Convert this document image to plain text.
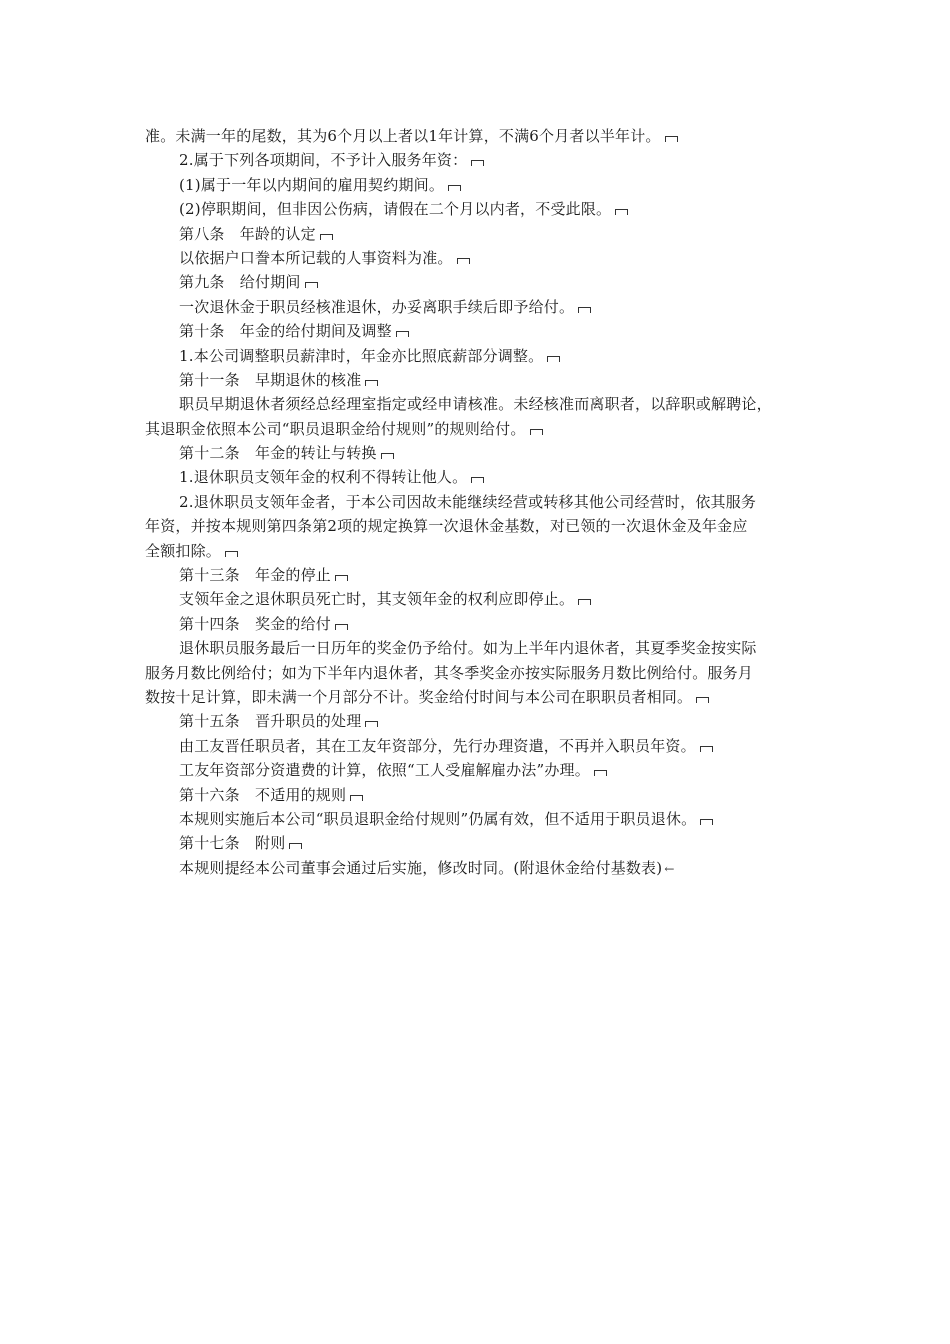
准。未满一年的尾数，其为6个月以上者以1年计算，不满6个月者以半年计。
2.属于下列各项期间，不予计入服务年资：
(1)属于一年以内期间的雇用契约期间。
(2)停职期间，但非因公伤病，请假在二个月以内者，不受此限。
第八条　年龄的认定
以依据户口誊本所记载的人事资料为准。
第九条　给付期间
一次退休金于职员经核准退休，办妥离职手续后即予给付。
第十条　年金的给付期间及调整
1.本公司调整职员薪津时，年金亦比照底薪部分调整。
第十一条　早期退休的核准
职员早期退休者须经总经理室指定或经申请核准。未经核准而离职者，以辞职或解聘论，
其退职金依照本公司“职员退职金给付规则”的规则给付。
第十二条　年金的转让与转换
1.退休职员支领年金的权利不得转让他人。
2.退休职员支领年金者，于本公司因故未能继续经营或转移其他公司经营时，依其服务
年资，并按本规则第四条第2项的规定换算一次退休金基数，对已领的一次退休金及年金应
全额扣除。
第十三条　年金的停止
支领年金之退休职员死亡时，其支领年金的权利应即停止。
第十四条　奖金的给付
退休职员服务最后一日历年的奖金仍予给付。如为上半年内退休者，其夏季奖金按实际
服务月数比例给付；如为下半年内退休者，其冬季奖金亦按实际服务月数比例给付。服务月
数按十足计算，即未满一个月部分不计。奖金给付时间与本公司在职职员者相同。
第十五条　晋升职员的处理
由工友晋任职员者，其在工友年资部分，先行办理资遣，不再并入职员年资。
工友年资部分资遣费的计算，依照“工人受雇解雇办法”办理。
第十六条　不适用的规则
本规则实施后本公司“职员退职金给付规则”仍属有效，但不适用于职员退休。
第十七条　附则
本规则提经本公司董事会通过后实施，修改时同。(附退休金给付基数表) ←
